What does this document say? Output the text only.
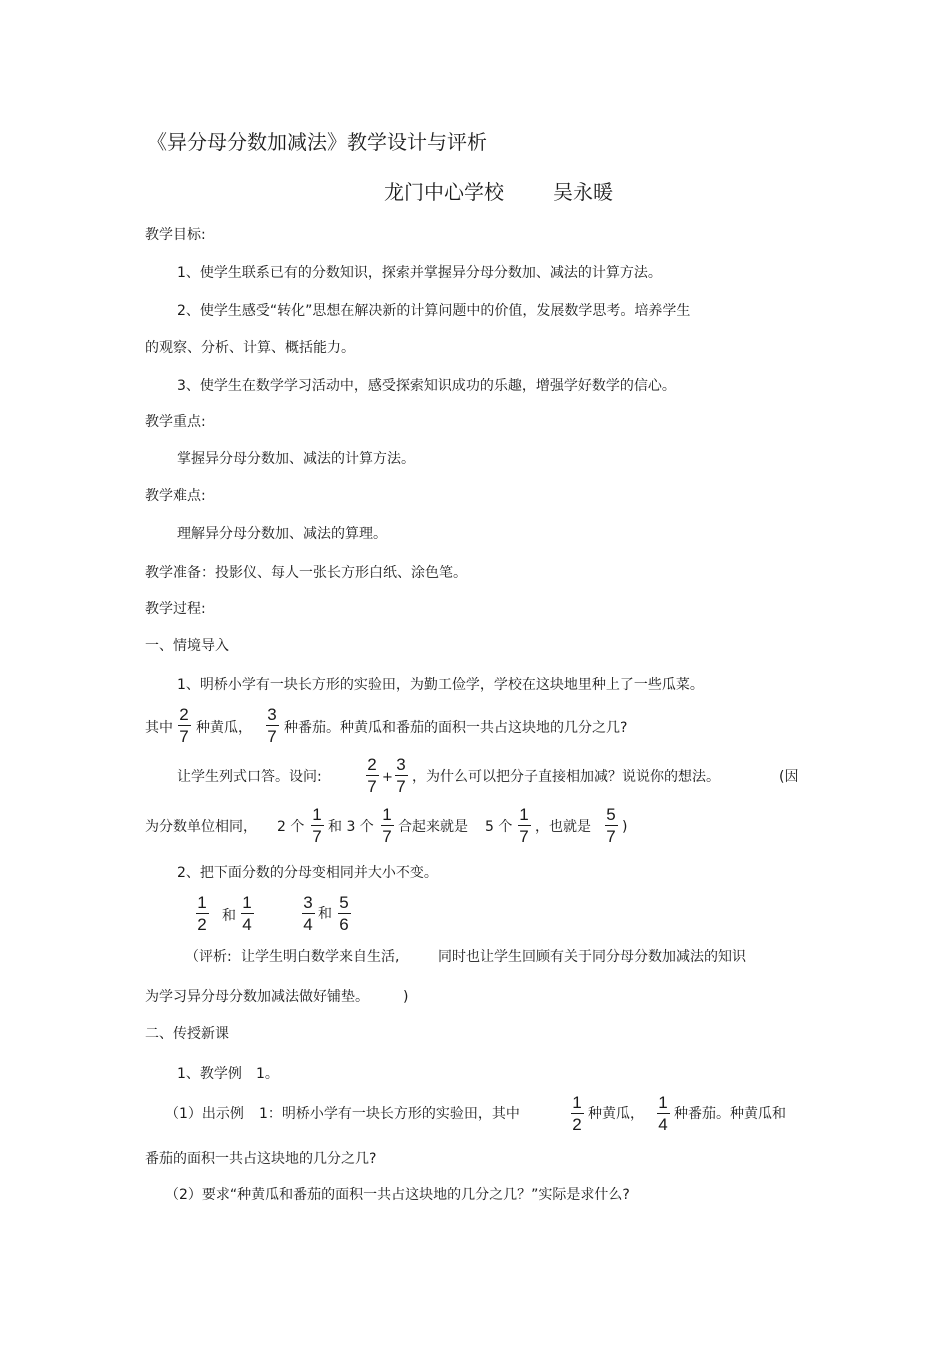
《异分母分数加减法》教学设计与评析
龙门中心学校 吴永暖
教学目标:
1、使学生联系已有的分数知识，探索并掌握异分母分数加、减法的计算方法。
2、使学生感受“转化”思想在解决新的计算问题中的价值，发展数学思考。培养学生
的观察、分析、计算、概括能力。
3、使学生在数学学习活动中，感受探索知识成功的乐趣，增强学好数学的信心。
教学重点:
掌握异分母分数加、减法的计算方法。
教学难点:
理解异分母分数加、减法的算理。
教学准备：投影仪、每人一张长方形白纸、涂色笔。
教学过程:
一、情境导入
1、明桥小学有一块长方形的实验田，为勤工俭学，学校在这块地里种上了一些瓜菜。
其中
2
7 种黄瓜，
3
7 种番茄。种黄瓜和番茄的面积一共占这块地的几分之几?
让学生列式口答。设问:
2
7 +
3
7 ，为什么可以把分子直接相加减？说说你的想法。	(因
为分数单位相同， 2 个
1
7 和 3 个
1
7 合起来就是 5 个
1
7 ，也就是
5
7 )
2、把下面分数的分母变相同并大小不变。
1
2 和
1
4
3
4
和
5
6
（评析: 让学生明白数学来自生活,	同时也让学生回顾有关于同分母分数加减法的知识
为学习异分母分数加减法做好铺垫。 )
二、传授新课
1、教学例 1。
（1）出示例 1：明桥小学有一块长方形的实验田，其中
1
2
种黄瓜，
1
4
种番茄。种黄瓜和
番茄的面积一共占这块地的几分之几?
（2）要求“种黄瓜和番茄的面积一共占这块地的几分之几？”实际是求什么?
